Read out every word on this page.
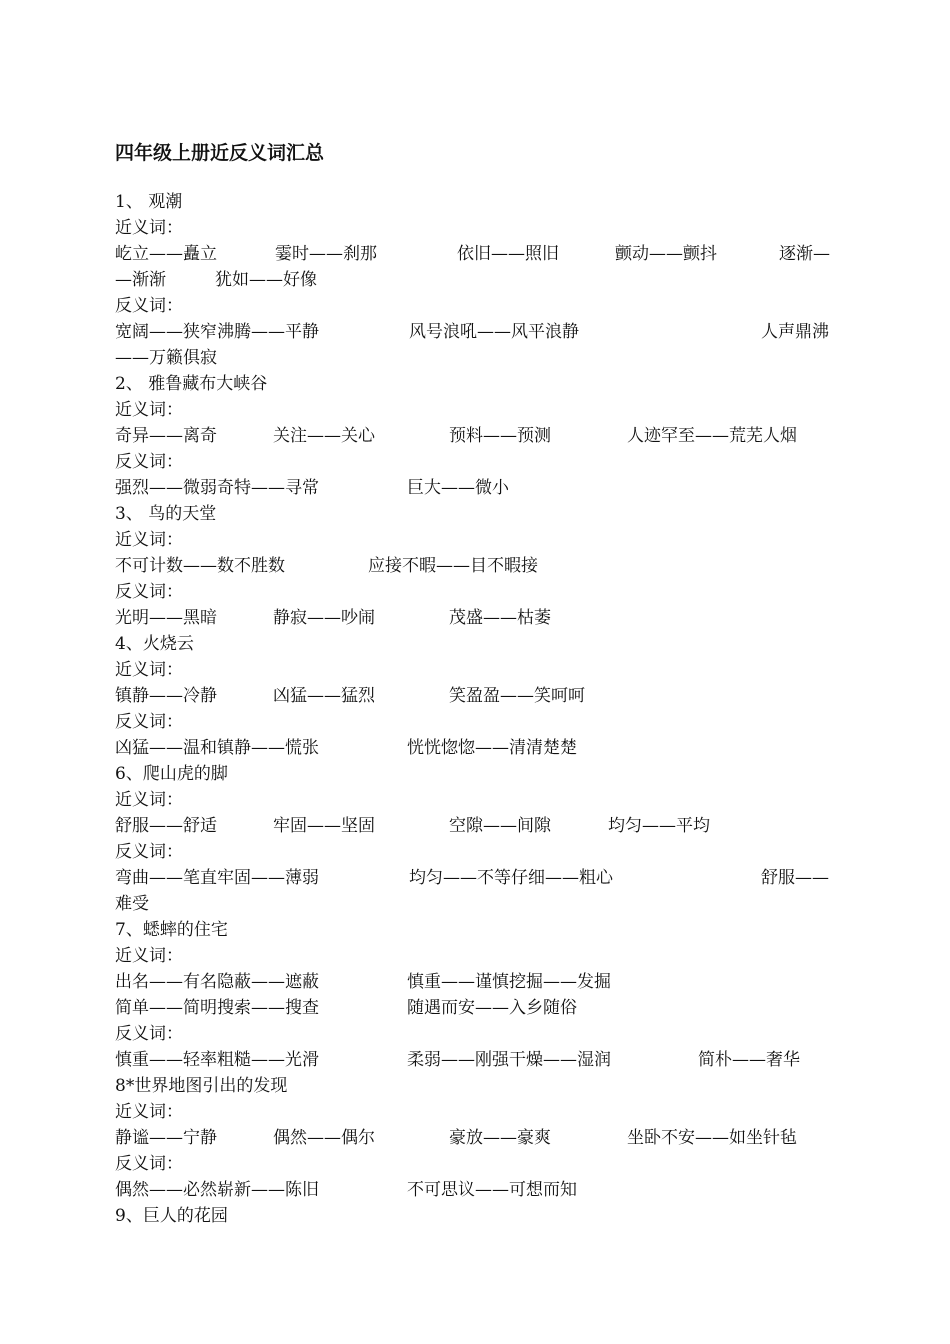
四年级上册近反义词汇总
1、 观潮
近义词：
屹立——矗立	霎时——刹那	依旧——照旧	颤动——颤抖	逐渐—
—渐渐	犹如——好像
反义词：
宽阔——狭窄沸腾——平静	风号浪吼——风平浪静	人声鼎沸
——万籁俱寂
2、 雅鲁藏布大峡谷
近义词：
奇异——离奇	关注——关心	预料——预测	人迹罕至——荒芜人烟
反义词：
强烈——微弱奇特——寻常	巨大——微小
3、 鸟的天堂
近义词：
不可计数——数不胜数	应接不暇——目不暇接
反义词：
光明——黑暗	静寂——吵闹	茂盛——枯萎
4、火烧云
近义词：
镇静——冷静	凶猛——猛烈	笑盈盈——笑呵呵
反义词：
凶猛——温和镇静——慌张	恍恍惚惚——清清楚楚
6、爬山虎的脚
近义词：
舒服——舒适	牢固——坚固	空隙——间隙	均匀——平均
反义词：
弯曲——笔直牢固——薄弱	均匀——不等仔细——粗心	舒服——
难受
7、蟋蟀的住宅
近义词：
出名——有名隐蔽——遮蔽	慎重——谨慎挖掘——发掘
简单——简明搜索——搜查	随遇而安——入乡随俗
反义词：
慎重——轻率粗糙——光滑	柔弱——刚强干燥——湿润	简朴——奢华
8*世界地图引出的发现
近义词：
静谧——宁静	偶然——偶尔	豪放——豪爽	坐卧不安——如坐针毡
反义词：
偶然——必然崭新——陈旧	不可思议——可想而知
9、巨人的花园
